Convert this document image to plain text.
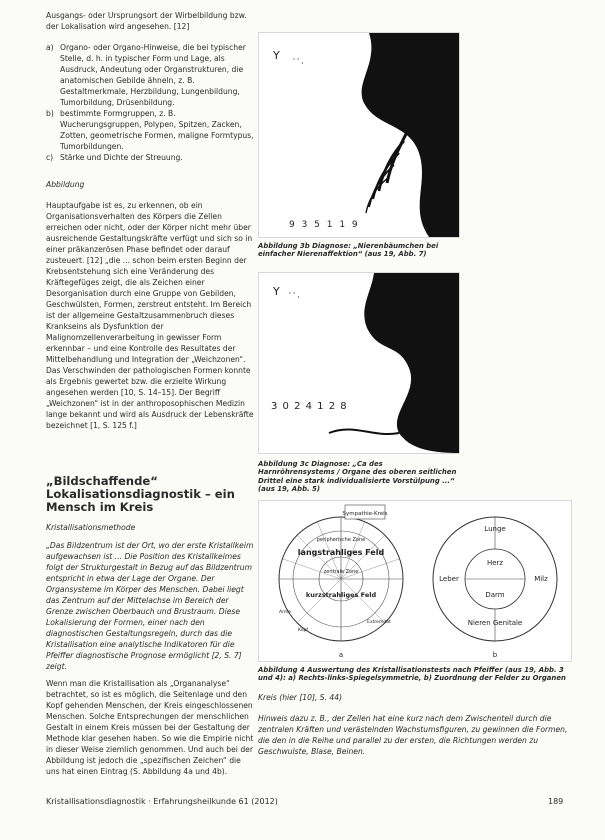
Ausgangs- oder Ursprungsort der Wirbelbildung bzw. der Lokalisation wird angesehen. [12]

a) Organo- oder Organo-Hinweise, die bei typischer Stelle, d. h. in typischer Form und Lage, als Ausdruck, Andeutung oder Organstrukturen, die anatomischen Gebilde ähneln, z. B. Gestaltmerkmale, Herzbildung, Lungenbildung, Tumorbildung, Drüsenbildung.
b) bestimmte Formgruppen, z. B. Wucherungsgruppen, Polypen, Spitzen, Zacken, Zotten, geometrische Formen, maligne Formtypus, Tumorbildungen.
c) Stärke und Dichte der Streuung.

Abbildung

Hauptaufgabe ist es, zu erkennen, ob ein Organisationsverhalten des Körpers die Zellen erreichen oder nicht, oder der Körper nicht mehr über ausreichende Gestaltungskräfte verfügt und sich so in einer präkanzerösen Phase befindet oder darauf zusteuert. [12] „die ... schon beim ersten Beginn der Krebsentstehung sich eine Veränderung des Kräftegefüges zeigt, die als Zeichen einer Desorganisation durch eine Gruppe von Gebilden, Geschwülsten, Formen, zerstreut entsteht. Im Bereich ist der allgemeine Gestaltzusammenbruch dieses Krankseins als Dysfunktion der Malignomzellenverarbeitung in gewisser Form erkennbar – und eine Kontrolle des Resultates der Mittelbehandlung und Integration der „Weichzonen“. Das Verschwinden der pathologischen Formen konnte als Ergebnis gewertet bzw. die erzielte Wirkung angesehen werden [10, S. 14–15]. Der Begriff „Weichzonen“ ist in der anthroposophischen Medizin lange bekannt und wird als Ausdruck der Lebenskräfte bezeichnet [1, S. 125 f.]

„Bildschaffende“ Lokalisationsdiagnostik – ein Mensch im Kreis

Kristallisationsmethode

„Das Bildzentrum ist der Ort, wo der erste Kristallkeim aufgewachsen ist ... Die Position des Kristallkeimes folgt der Strukturgestalt in Bezug auf das Bildzentrum entspricht in etwa der Lage der Organe. Der Organsysteme im Körper des Menschen. Dabei liegt das Zentrum auf der Mittelachse im Bereich der Grenze zwischen Oberbauch und Brustraum. Diese Lokalisierung der Formen, einer nach den diagnostischen Gestaltungsregeln, durch das die Kristallisation eine analytische Indikatoren für die Pfeiffer diagnostische Prognose ermöglicht [2, S. 7] zeigt.

Wenn man die Kristallisation als „Organanalyse“ betrachtet, so ist es möglich, die Seitenlage und den Kopf gehenden Menschen, der Kreis eingeschlossenen Menschen. Solche Entsprechungen der menschlichen Gestalt in einem Kreis müssen bei der Gestaltung der Methode klar gesehen haben. So wie die Empirie nicht in dieser Weise ziemlich genommen. Und auch bei der Abbildung ist jedoch die „spezifischen Zeichen“ die uns hat einen Eintrag (S. Abbildung 4a und 4b).

Y ' ' ,
9 3 5 1 1 9
Abbildung 3b Diagnose: „Nierenbäumchen bei einfacher Nierenaffektion“ (aus 19, Abb. 7)
Y ' ' ,
3 0 2 4 1 2 8
Abbildung 3c Diagnose: „Ca des Harnröhrensystems / Organe des oberen seitlichen Drittel eine stark individualisierte Vorstülpung ...“ (aus 19, Abb. 5)
Sympathie-Kreis
peripherische Zone
langstrahliges Feld
zentrale Zone
kurzstrahliges Feld
Extremität
Kopf
Arme
a
Lunge
Herz
Leber	Milz
Darm
Nieren Genitale
b
Abbildung 4 Auswertung des Kristallisationstests nach Pfeiffer (aus 19, Abb. 3 und 4): a) Rechts-links-Spiegelsymmetrie, b) Zuordnung der Felder zu Organen

Kreis (hier [10], S. 44)

Hinweis dazu z. B., der Zellen hat eine kurz nach dem Zwischenteil durch die zentralen Kräften und verästelnden Wachstumsfiguren, zu gewinnen die Formen, die den in die Reihe und parallel zu der ersten, die Richtungen werden zu Geschwulste, Blase, Beinen.

Kristallisationsdiagnostik · Erfahrungsheilkunde 61 (2012)	189
